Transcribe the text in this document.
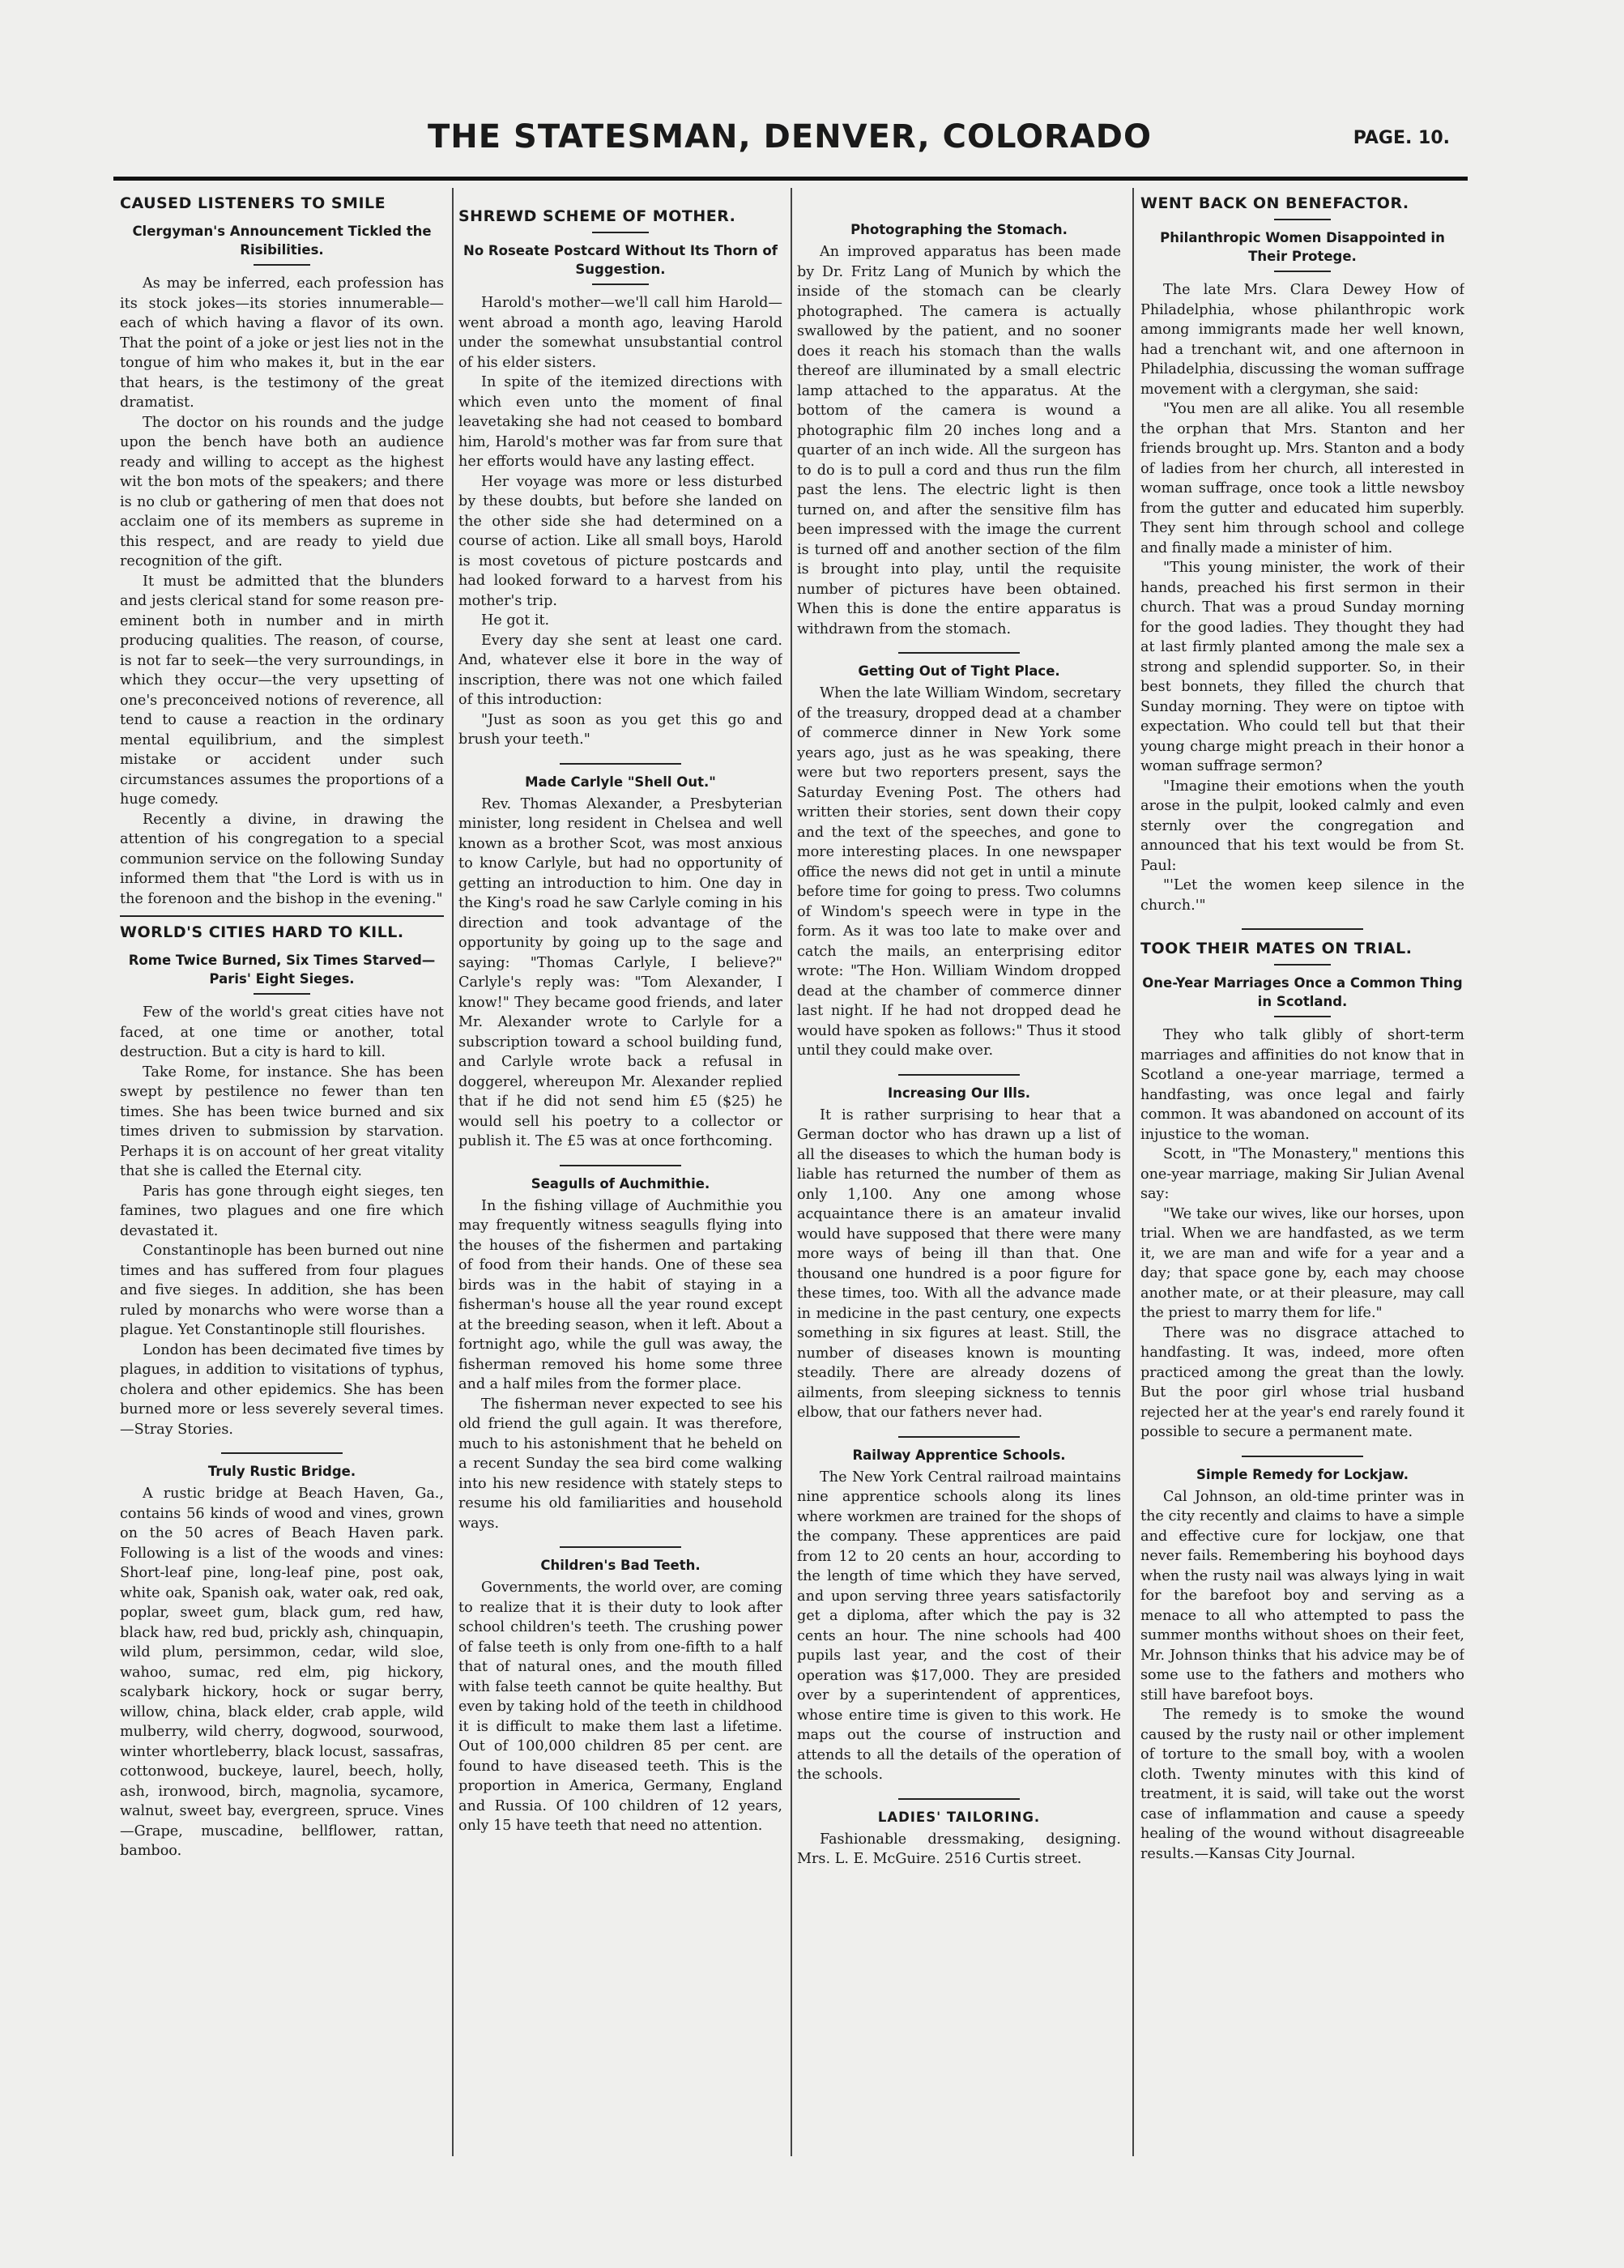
THE STATESMAN, DENVER, COLORADO	PAGE. 10.
CAUSED LISTENERS TO SMILE
Clergyman's Announcement Tickled the Risibilities.

As may be inferred, each profession has its stock jokes—its stories innumerable—each of which having a flavor of its own. That the point of a joke or jest lies not in the tongue of him who makes it, but in the ear that hears, is the testimony of the great dramatist.

The doctor on his rounds and the judge upon the bench have both an audience ready and willing to accept as the highest wit the bon mots of the speakers; and there is no club or gathering of men that does not acclaim one of its members as supreme in this respect, and are ready to yield due recognition of the gift.

It must be admitted that the blunders and jests clerical stand for some reason pre-eminent both in number and in mirth producing qualities. The reason, of course, is not far to seek—the very surroundings, in which they occur—the very upsetting of one's preconceived notions of reverence, all tend to cause a reaction in the ordinary mental equilibrium, and the simplest mistake or accident under such circumstances assumes the proportions of a huge comedy.

Recently a divine, in drawing the attention of his congregation to a special communion service on the following Sunday informed them that "the Lord is with us in the forenoon and the bishop in the evening."

WORLD'S CITIES HARD TO KILL.
Rome Twice Burned, Six Times Starved—Paris' Eight Sieges.

Few of the world's great cities have not faced, at one time or another, total destruction. But a city is hard to kill.

Take Rome, for instance. She has been swept by pestilence no fewer than ten times. She has been twice burned and six times driven to submission by starvation. Perhaps it is on account of her great vitality that she is called the Eternal city.

Paris has gone through eight sieges, ten famines, two plagues and one fire which devastated it.

Constantinople has been burned out nine times and has suffered from four plagues and five sieges. In addition, she has been ruled by monarchs who were worse than a plague. Yet Constantinople still flourishes.

London has been decimated five times by plagues, in addition to visitations of typhus, cholera and other epidemics. She has been burned more or less severely several times.—Stray Stories.

Truly Rustic Bridge.

A rustic bridge at Beach Haven, Ga., contains 56 kinds of wood and vines, grown on the 50 acres of Beach Haven park. Following is a list of the woods and vines: Short-leaf pine, long-leaf pine, post oak, white oak, Spanish oak, water oak, red oak, poplar, sweet gum, black gum, red haw, black haw, red bud, prickly ash, chinquapin, wild plum, persimmon, cedar, wild sloe, wahoo, sumac, red elm, pig hickory, scalybark hickory, hock or sugar berry, willow, china, black elder, crab apple, wild mulberry, wild cherry, dogwood, sourwood, winter whortleberry, black locust, sassafras, cottonwood, buckeye, laurel, beech, holly, ash, ironwood, birch, magnolia, sycamore, walnut, sweet bay, evergreen, spruce. Vines—Grape, muscadine, bellflower, rattan, bamboo.

SHREWD SCHEME OF MOTHER.
No Roseate Postcard Without Its Thorn of Suggestion.

Harold's mother—we'll call him Harold—went abroad a month ago, leaving Harold under the somewhat unsubstantial control of his elder sisters.

In spite of the itemized directions with which even unto the moment of final leavetaking she had not ceased to bombard him, Harold's mother was far from sure that her efforts would have any lasting effect.

Her voyage was more or less disturbed by these doubts, but before she landed on the other side she had determined on a course of action. Like all small boys, Harold is most covetous of picture postcards and had looked forward to a harvest from his mother's trip.

He got it.

Every day she sent at least one card. And, whatever else it bore in the way of inscription, there was not one which failed of this introduction:

"Just as soon as you get this go and brush your teeth."

Made Carlyle "Shell Out."

Rev. Thomas Alexander, a Presbyterian minister, long resident in Chelsea and well known as a brother Scot, was most anxious to know Carlyle, but had no opportunity of getting an introduction to him. One day in the King's road he saw Carlyle coming in his direction and took advantage of the opportunity by going up to the sage and saying: "Thomas Carlyle, I believe?" Carlyle's reply was: "Tom Alexander, I know!" They became good friends, and later Mr. Alexander wrote to Carlyle for a subscription toward a school building fund, and Carlyle wrote back a refusal in doggerel, whereupon Mr. Alexander replied that if he did not send him £5 ($25) he would sell his poetry to a collector or publish it. The £5 was at once forthcoming.

Seagulls of Auchmithie.

In the fishing village of Auchmithie you may frequently witness seagulls flying into the houses of the fishermen and partaking of food from their hands. One of these sea birds was in the habit of staying in a fisherman's house all the year round except at the breeding season, when it left. About a fortnight ago, while the gull was away, the fisherman removed his home some three and a half miles from the former place.

The fisherman never expected to see his old friend the gull again. It was therefore, much to his astonishment that he beheld on a recent Sunday the sea bird come walking into his new residence with stately steps to resume his old familiarities and household ways.

Children's Bad Teeth.

Governments, the world over, are coming to realize that it is their duty to look after school children's teeth. The crushing power of false teeth is only from one-fifth to a half that of natural ones, and the mouth filled with false teeth cannot be quite healthy. But even by taking hold of the teeth in childhood it is difficult to make them last a lifetime. Out of 100,000 children 85 per cent. are found to have diseased teeth. This is the proportion in America, Germany, England and Russia. Of 100 children of 12 years, only 15 have teeth that need no attention.

Photographing the Stomach.

An improved apparatus has been made by Dr. Fritz Lang of Munich by which the inside of the stomach can be clearly photographed. The camera is actually swallowed by the patient, and no sooner does it reach his stomach than the walls thereof are illuminated by a small electric lamp attached to the apparatus. At the bottom of the camera is wound a photographic film 20 inches long and a quarter of an inch wide. All the surgeon has to do is to pull a cord and thus run the film past the lens. The electric light is then turned on, and after the sensitive film has been impressed with the image the current is turned off and another section of the film is brought into play, until the requisite number of pictures have been obtained. When this is done the entire apparatus is withdrawn from the stomach.

Getting Out of Tight Place.

When the late William Windom, secretary of the treasury, dropped dead at a chamber of commerce dinner in New York some years ago, just as he was speaking, there were but two reporters present, says the Saturday Evening Post. The others had written their stories, sent down their copy and the text of the speeches, and gone to more interesting places. In one newspaper office the news did not get in until a minute before time for going to press. Two columns of Windom's speech were in type in the form. As it was too late to make over and catch the mails, an enterprising editor wrote: "The Hon. William Windom dropped dead at the chamber of commerce dinner last night. If he had not dropped dead he would have spoken as follows:" Thus it stood until they could make over.

Increasing Our Ills.

It is rather surprising to hear that a German doctor who has drawn up a list of all the diseases to which the human body is liable has returned the number of them as only 1,100. Any one among whose acquaintance there is an amateur invalid would have supposed that there were many more ways of being ill than that. One thousand one hundred is a poor figure for these times, too. With all the advance made in medicine in the past century, one expects something in six figures at least. Still, the number of diseases known is mounting steadily. There are already dozens of ailments, from sleeping sickness to tennis elbow, that our fathers never had.

Railway Apprentice Schools.

The New York Central railroad maintains nine apprentice schools along its lines where workmen are trained for the shops of the company. These apprentices are paid from 12 to 20 cents an hour, according to the length of time which they have served, and upon serving three years satisfactorily get a diploma, after which the pay is 32 cents an hour. The nine schools had 400 pupils last year, and the cost of their operation was $17,000. They are presided over by a superintendent of apprentices, whose entire time is given to this work. He maps out the course of instruction and attends to all the details of the operation of the schools.

LADIES' TAILORING.

Fashionable dressmaking, designing. Mrs. L. E. McGuire. 2516 Curtis street.

WENT BACK ON BENEFACTOR.
Philanthropic Women Disappointed in Their Protege.

The late Mrs. Clara Dewey How of Philadelphia, whose philanthropic work among immigrants made her well known, had a trenchant wit, and one afternoon in Philadelphia, discussing the woman suffrage movement with a clergyman, she said:

"You men are all alike. You all resemble the orphan that Mrs. Stanton and her friends brought up. Mrs. Stanton and a body of ladies from her church, all interested in woman suffrage, once took a little newsboy from the gutter and educated him superbly. They sent him through school and college and finally made a minister of him.

"This young minister, the work of their hands, preached his first sermon in their church. That was a proud Sunday morning for the good ladies. They thought they had at last firmly planted among the male sex a strong and splendid supporter. So, in their best bonnets, they filled the church that Sunday morning. They were on tiptoe with expectation. Who could tell but that their young charge might preach in their honor a woman suffrage sermon?

"Imagine their emotions when the youth arose in the pulpit, looked calmly and even sternly over the congregation and announced that his text would be from St. Paul:

"'Let the women keep silence in the church.'"

TOOK THEIR MATES ON TRIAL.
One-Year Marriages Once a Common Thing in Scotland.

They who talk glibly of short-term marriages and affinities do not know that in Scotland a one-year marriage, termed a handfasting, was once legal and fairly common. It was abandoned on account of its injustice to the woman.

Scott, in "The Monastery," mentions this one-year marriage, making Sir Julian Avenal say:

"We take our wives, like our horses, upon trial. When we are handfasted, as we term it, we are man and wife for a year and a day; that space gone by, each may choose another mate, or at their pleasure, may call the priest to marry them for life."

There was no disgrace attached to handfasting. It was, indeed, more often practiced among the great than the lowly. But the poor girl whose trial husband rejected her at the year's end rarely found it possible to secure a permanent mate.

Simple Remedy for Lockjaw.

Cal Johnson, an old-time printer was in the city recently and claims to have a simple and effective cure for lockjaw, one that never fails. Remembering his boyhood days when the rusty nail was always lying in wait for the barefoot boy and serving as a menace to all who attempted to pass the summer months without shoes on their feet, Mr. Johnson thinks that his advice may be of some use to the fathers and mothers who still have barefoot boys.

The remedy is to smoke the wound caused by the rusty nail or other implement of torture to the small boy, with a woolen cloth. Twenty minutes with this kind of treatment, it is said, will take out the worst case of inflammation and cause a speedy healing of the wound without disagreeable results.—Kansas City Journal.
